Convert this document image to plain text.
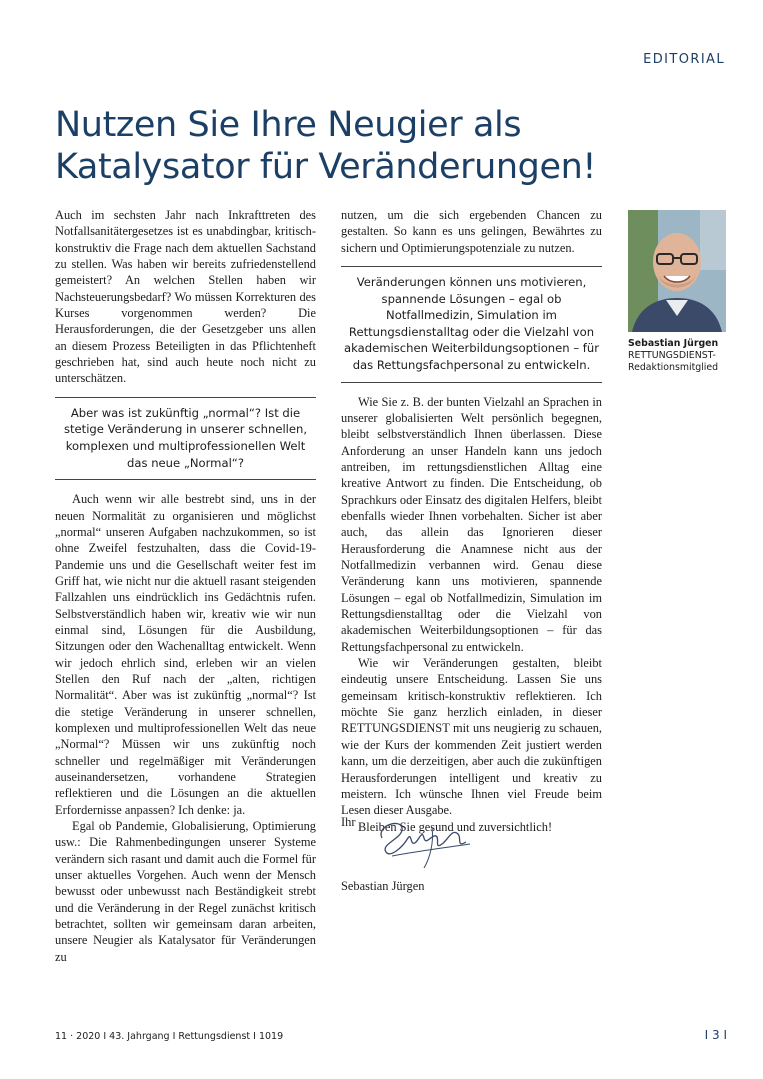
EDITORIAL
Nutzen Sie Ihre Neugier als
Katalysator für Veränderungen!

Auch im sechsten Jahr nach Inkrafttreten des Notfallsanitätergesetzes ist es unabdingbar, kritisch-konstruktiv die Frage nach dem aktuellen Sachstand zu stellen. Was haben wir bereits zufriedenstellend gemeistert? An welchen Stellen haben wir Nachsteuerungsbedarf? Wo müssen Korrekturen des Kurses vorgenommen werden? Die Herausforderungen, die der Gesetzgeber uns allen an diesem Prozess Beteiligten in das Pflichtenheft geschrieben hat, sind auch heute noch nicht zu unterschätzen.

Aber was ist zukünftig „normal“? Ist die stetige Veränderung in unserer schnellen, komplexen und multiprofessionellen Welt das neue „Normal“?

Auch wenn wir alle bestrebt sind, uns in der neuen Normalität zu organisieren und möglichst „normal“ unseren Aufgaben nachzukommen, so ist ohne Zweifel festzuhalten, dass die Covid-19-Pandemie uns und die Gesellschaft weiter fest im Griff hat, wie nicht nur die aktuell rasant steigenden Fallzahlen uns eindrücklich ins Gedächtnis rufen. Selbstverständlich haben wir, kreativ wie wir nun einmal sind, Lösungen für die Ausbildung, Sitzungen oder den Wachenalltag entwickelt. Wenn wir jedoch ehrlich sind, erleben wir an vielen Stellen den Ruf nach der „alten, richtigen Normalität“. Aber was ist zukünftig „normal“? Ist die stetige Veränderung in unserer schnellen, komplexen und multiprofessionellen Welt das neue „Normal“? Müssen wir uns zukünftig noch schneller und regelmäßiger mit Veränderungen auseinandersetzen, vorhandene Strategien reflektieren und die Lösungen an die aktuellen Erfordernisse anpassen? Ich denke: ja.

Egal ob Pandemie, Globalisierung, Optimierung usw.: Die Rahmenbedingungen unserer Systeme verändern sich rasant und damit auch die Formel für unser aktuelles Vorgehen. Auch wenn der Mensch bewusst oder unbewusst nach Beständigkeit strebt und die Veränderung in der Regel zunächst kritisch betrachtet, sollten wir gemeinsam daran arbeiten, unsere Neugier als Katalysator für Veränderungen zu

nutzen, um die sich ergebenden Chancen zu gestalten. So kann es uns gelingen, Bewährtes zu sichern und Optimierungspotenziale zu nutzen.

Veränderungen können uns motivieren, spannende Lösungen – egal ob Notfallmedizin, Simulation im Rettungsdienstalltag oder die Vielzahl von akademischen Weiterbildungsoptionen – für das Rettungsfachpersonal zu entwickeln.

Wie Sie z. B. der bunten Vielzahl an Sprachen in unserer globalisierten Welt persönlich begegnen, bleibt selbstverständlich Ihnen überlassen. Diese Anforderung an unser Handeln kann uns jedoch antreiben, im rettungsdienstlichen Alltag eine kreative Antwort zu finden. Die Entscheidung, ob Sprachkurs oder Einsatz des digitalen Helfers, bleibt ebenfalls wieder Ihnen vorbehalten. Sicher ist aber auch, das allein das Ignorieren dieser Herausforderung die Anamnese nicht aus der Notfallmedizin verbannen wird. Genau diese Veränderung kann uns motivieren, spannende Lösungen – egal ob Notfallmedizin, Simulation im Rettungsdienstalltag oder die Vielzahl von akademischen Weiterbildungsoptionen – für das Rettungsfachpersonal zu entwickeln.

Wie wir Veränderungen gestalten, bleibt eindeutig unsere Entscheidung. Lassen Sie uns gemeinsam kritisch-konstruktiv reflektieren. Ich möchte Sie ganz herzlich einladen, in dieser RETTUNGSDIENST mit uns neugierig zu schauen, wie der Kurs der kommenden Zeit justiert werden kann, um die derzeitigen, aber auch die zukünftigen Herausforderungen intelligent und kreativ zu meistern. Ich wünsche Ihnen viel Freude beim Lesen dieser Ausgabe.

Bleiben Sie gesund und zuversichtlich!

Ihr
Sebastian Jürgen
Sebastian Jürgen
RETTUNGSDIENST-
Redaktionsmitglied
11 · 2020 I 43. Jahrgang I Rettungsdienst I 1019	I 3 I
